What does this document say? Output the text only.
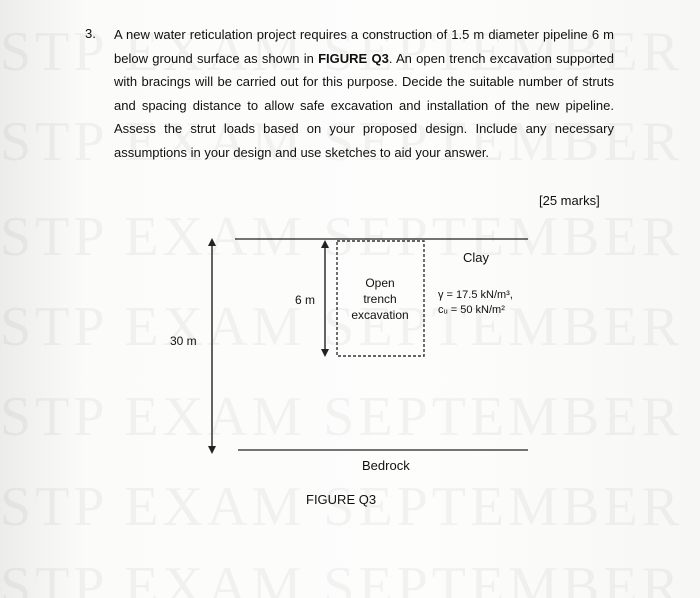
3. A new water reticulation project requires a construction of 1.5 m diameter pipeline 6 m below ground surface as shown in FIGURE Q3. An open trench excavation supported with bracings will be carried out for this purpose. Decide the suitable number of struts and spacing distance to allow safe excavation and installation of the new pipeline. Assess the strut loads based on your proposed design. Include any necessary assumptions in your design and use sketches to aid your answer.
[25 marks]
30 m
6 m
Open
trench
excavation
Clay
γ = 17.5 kN/m³,
cᵤ = 50 kN/m²
Bedrock
FIGURE Q3
